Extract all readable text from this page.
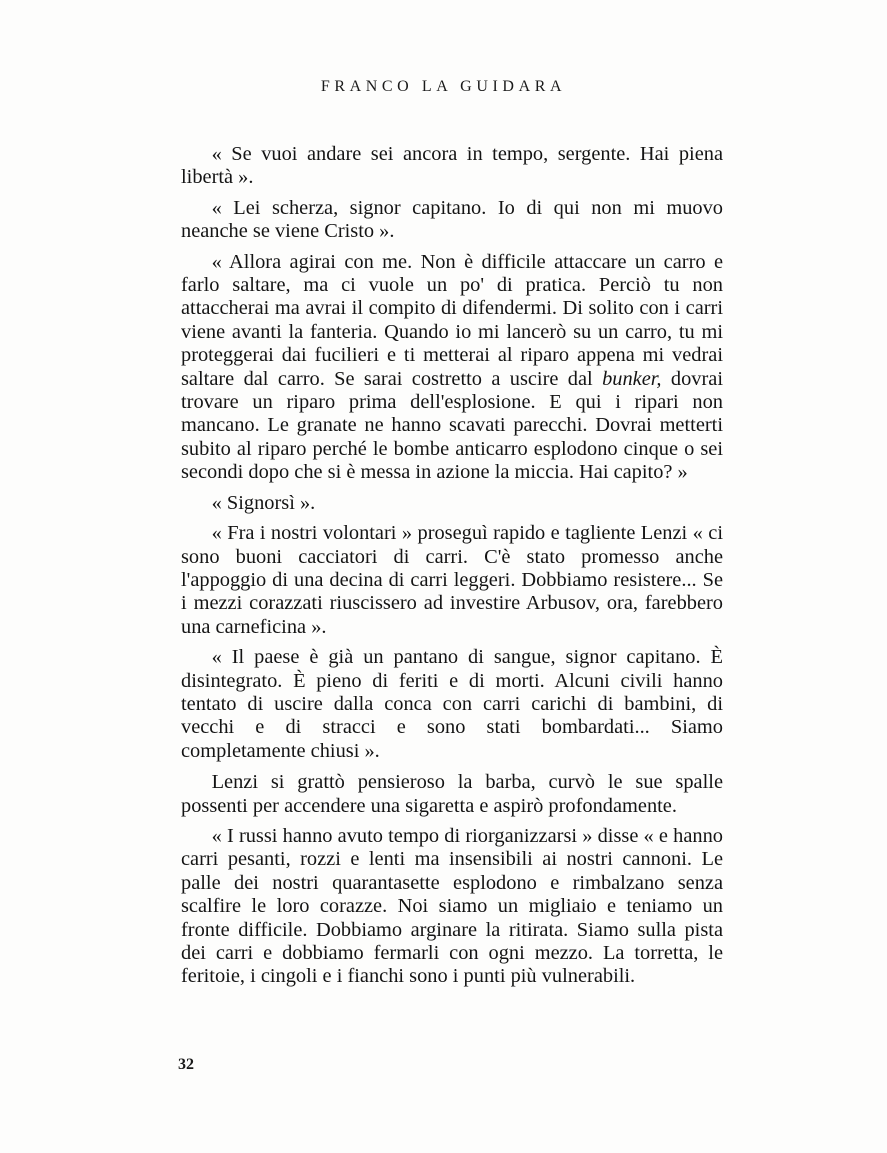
FRANCO LA GUIDARA

« Se vuoi andare sei ancora in tempo, sergente. Hai piena libertà ».

« Lei scherza, signor capitano. Io di qui non mi muovo neanche se viene Cristo ».

« Allora agirai con me. Non è difficile attaccare un carro e farlo saltare, ma ci vuole un po' di pratica. Perciò tu non attaccherai ma avrai il compito di difendermi. Di solito con i carri viene avanti la fanteria. Quando io mi lancerò su un carro, tu mi proteggerai dai fucilieri e ti metterai al riparo appena mi vedrai saltare dal carro. Se sarai costretto a uscire dal bunker, dovrai trovare un riparo prima dell'esplosione. E qui i ripari non mancano. Le granate ne hanno scavati parecchi. Dovrai metterti subito al riparo perché le bombe anticarro esplodono cinque o sei secondi dopo che si è messa in azione la miccia. Hai capito? »

« Signorsì ».

« Fra i nostri volontari » proseguì rapido e tagliente Lenzi « ci sono buoni cacciatori di carri. C'è stato promesso anche l'appoggio di una decina di carri leggeri. Dobbiamo resistere... Se i mezzi corazzati riuscissero ad investire Arbusov, ora, farebbero una carneficina ».

« Il paese è già un pantano di sangue, signor capitano. È disintegrato. È pieno di feriti e di morti. Alcuni civili hanno tentato di uscire dalla conca con carri carichi di bambini, di vecchi e di stracci e sono stati bombardati... Siamo completamente chiusi ».

Lenzi si grattò pensieroso la barba, curvò le sue spalle possenti per accendere una sigaretta e aspirò profondamente.

« I russi hanno avuto tempo di riorganizzarsi » disse « e hanno carri pesanti, rozzi e lenti ma insensibili ai nostri cannoni. Le palle dei nostri quarantasette esplodono e rimbalzano senza scalfire le loro corazze. Noi siamo un migliaio e teniamo un fronte difficile. Dobbiamo arginare la ritirata. Siamo sulla pista dei carri e dobbiamo fermarli con ogni mezzo. La torretta, le feritoie, i cingoli e i fianchi sono i punti più vulnerabili.

32
